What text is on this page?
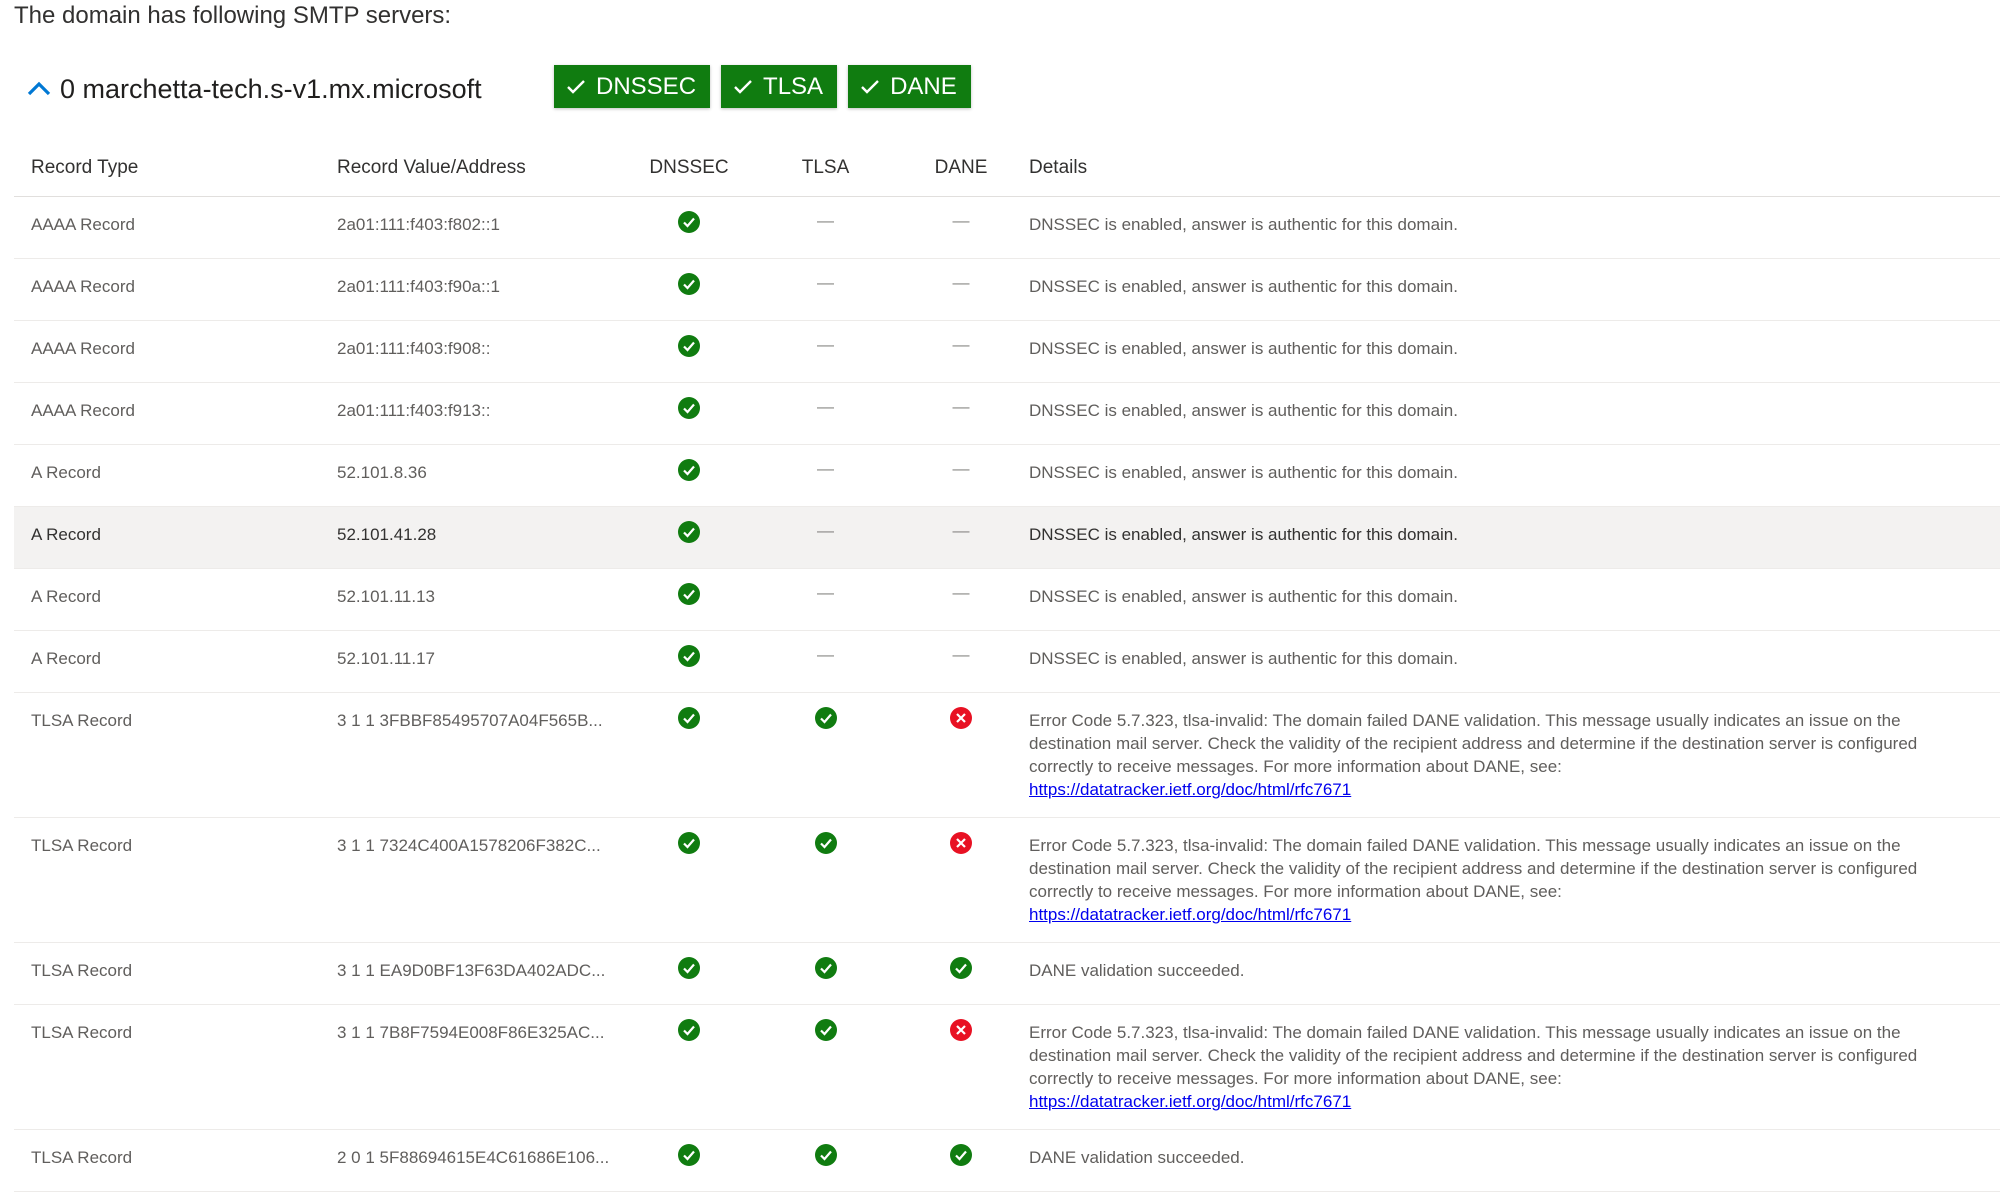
The domain has following SMTP servers:
0 marchetta-tech.s-v1.mx.microsoft	DNSSEC	TLSA	DANE
Record Type	Record Value/Address	DNSSEC	TLSA	DANE	Details

AAAA Record	2a01:111:f403:f802::1		—	—	DNSSEC is enabled, answer is authentic for this domain.

AAAA Record	2a01:111:f403:f90a::1		—	—	DNSSEC is enabled, answer is authentic for this domain.

AAAA Record	2a01:111:f403:f908::		—	—	DNSSEC is enabled, answer is authentic for this domain.

AAAA Record	2a01:111:f403:f913::		—	—	DNSSEC is enabled, answer is authentic for this domain.

A Record	52.101.8.36		—	—	DNSSEC is enabled, answer is authentic for this domain.

A Record	52.101.41.28		—	—	DNSSEC is enabled, answer is authentic for this domain.

A Record	52.101.11.13		—	—	DNSSEC is enabled, answer is authentic for this domain.

A Record	52.101.11.17		—	—	DNSSEC is enabled, answer is authentic for this domain.

TLSA Record	3 1 1 3FBBF85495707A04F565B...				Error Code 5.7.323, tlsa-invalid: The domain failed DANE validation. This message usually indicates an issue on the destination mail server. Check the validity of the recipient address and determine if the destination server is configured correctly to receive messages. For more information about DANE, see:
https://datatracker.ietf.org/doc/html/rfc7671

TLSA Record	3 1 1 7324C400A1578206F382C...				Error Code 5.7.323, tlsa-invalid: The domain failed DANE validation. This message usually indicates an issue on the destination mail server. Check the validity of the recipient address and determine if the destination server is configured correctly to receive messages. For more information about DANE, see:
https://datatracker.ietf.org/doc/html/rfc7671

TLSA Record	3 1 1 EA9D0BF13F63DA402ADC...				DANE validation succeeded.

TLSA Record	3 1 1 7B8F7594E008F86E325AC...				Error Code 5.7.323, tlsa-invalid: The domain failed DANE validation. This message usually indicates an issue on the destination mail server. Check the validity of the recipient address and determine if the destination server is configured correctly to receive messages. For more information about DANE, see:
https://datatracker.ietf.org/doc/html/rfc7671

TLSA Record	2 0 1 5F88694615E4C61686E106...				DANE validation succeeded.
